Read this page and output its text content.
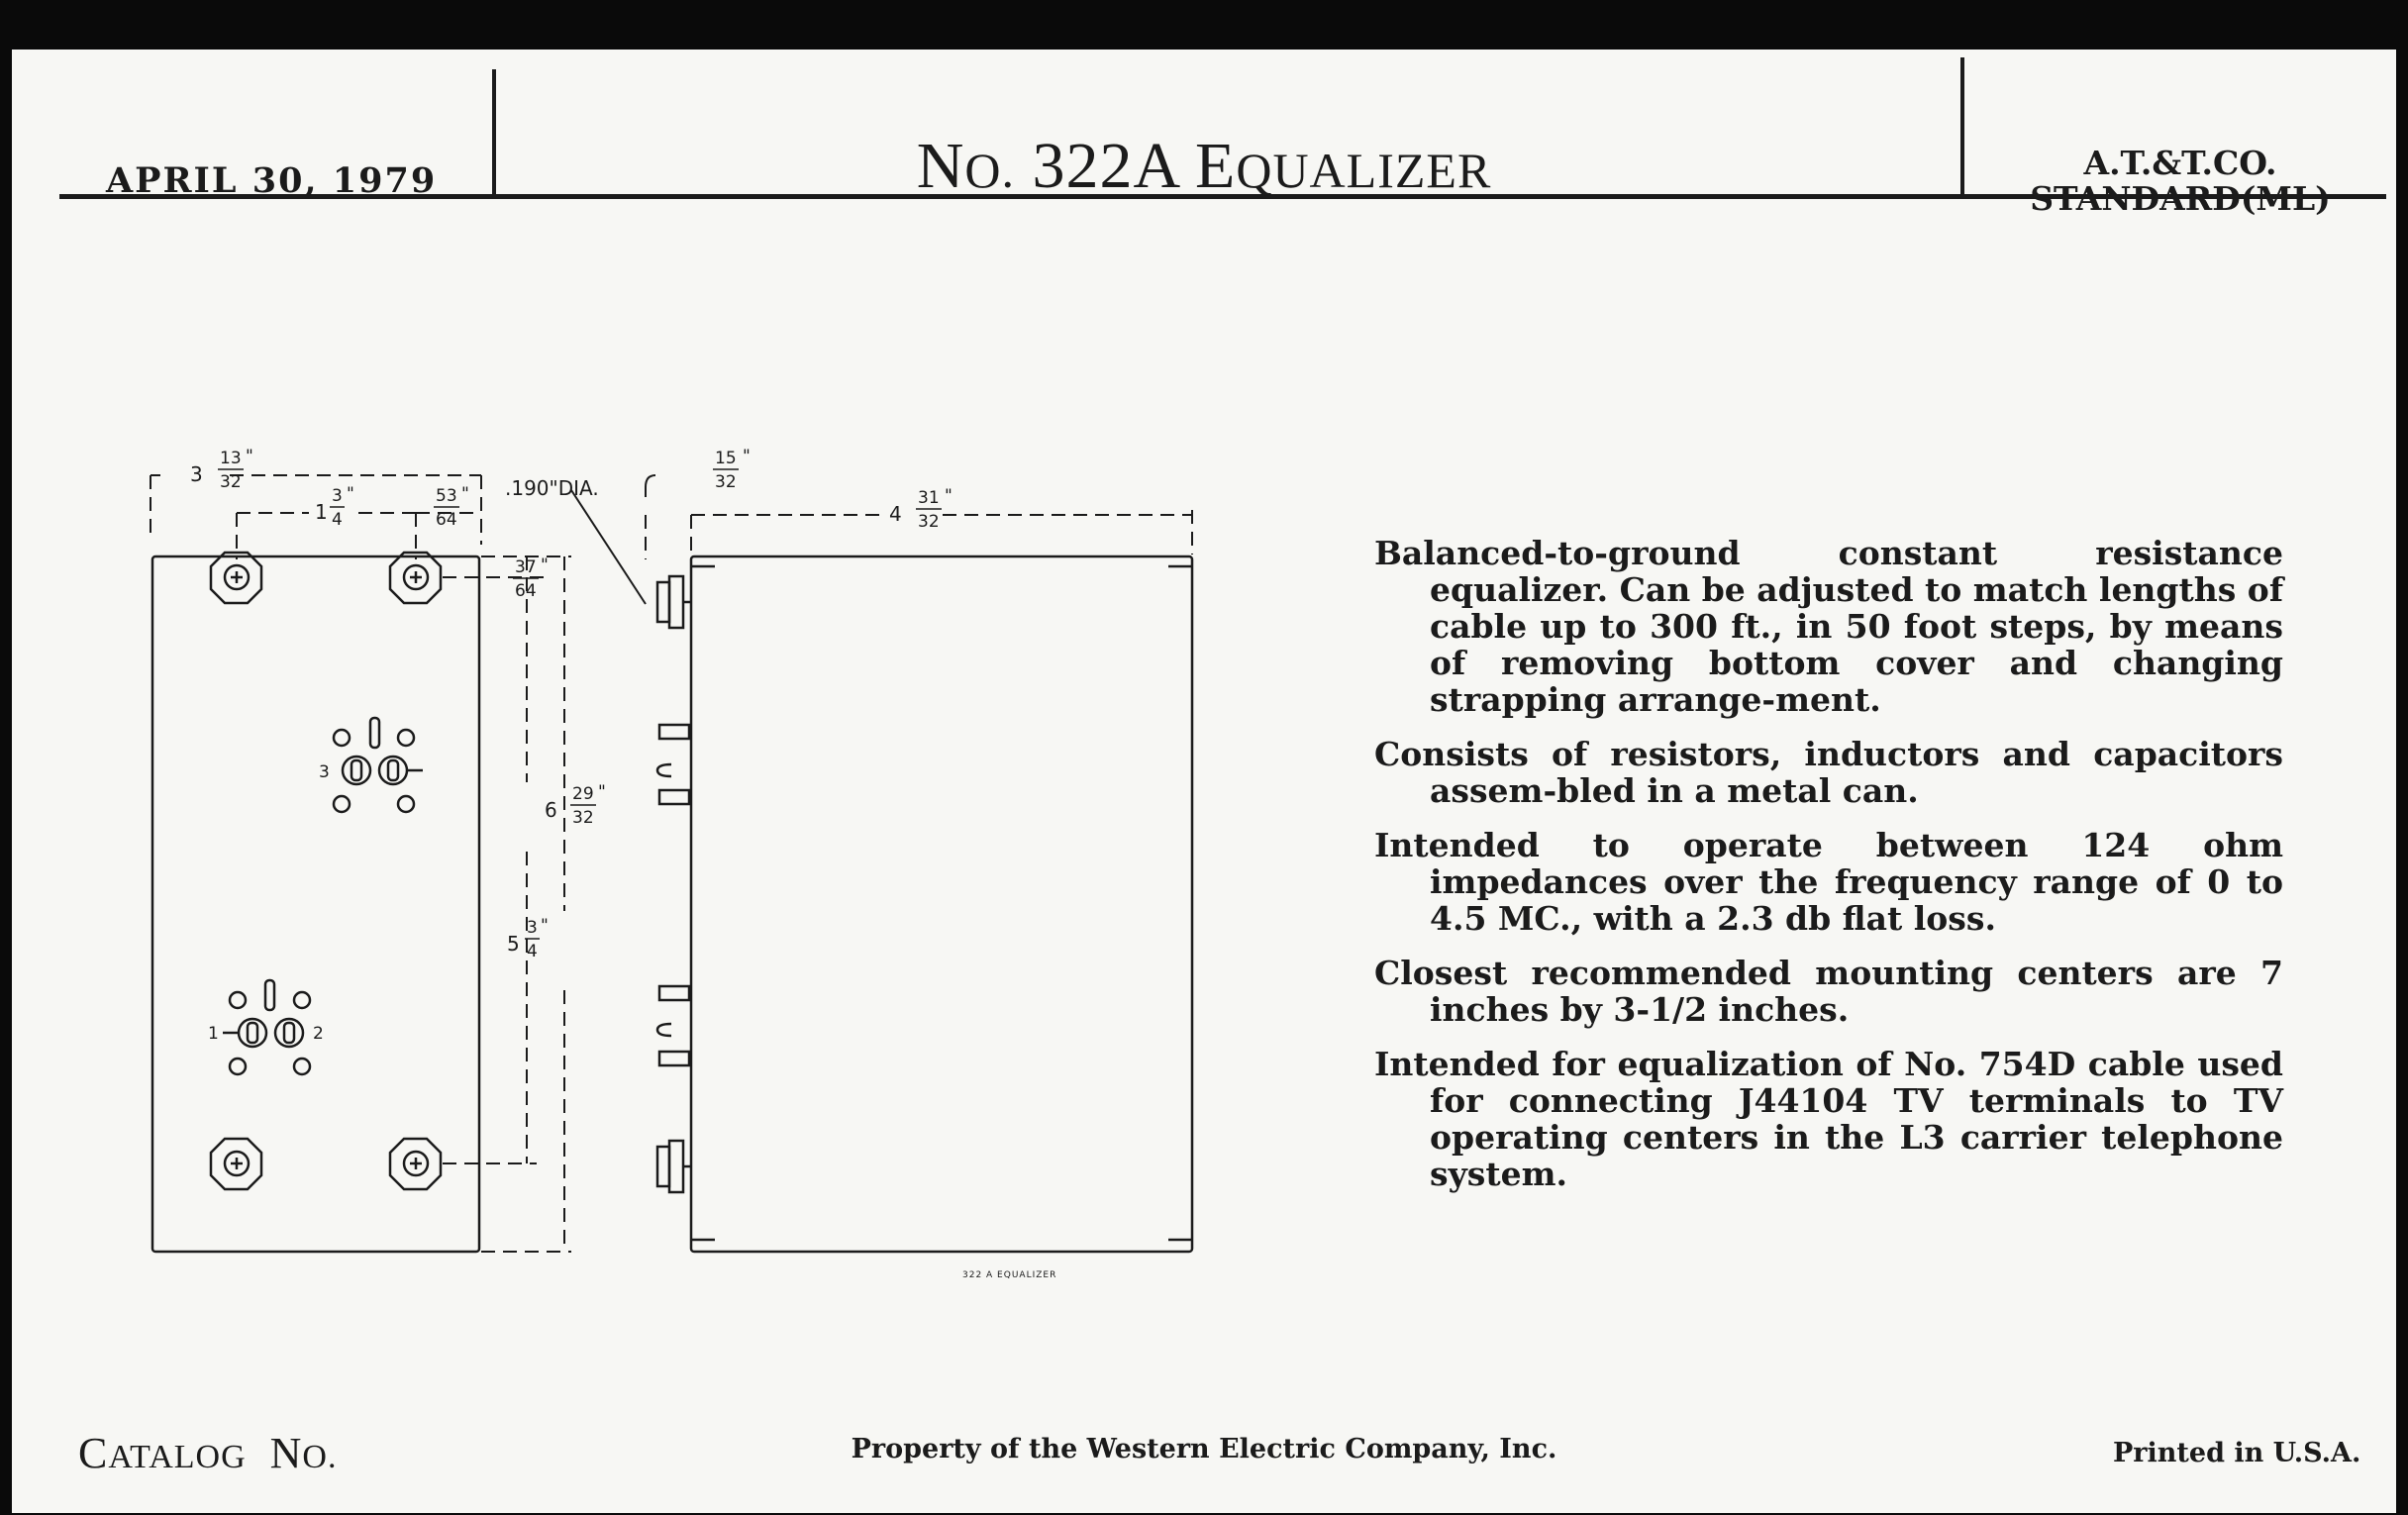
APRIL 30, 1979	NO. 322A EQUALIZER	A.T.&T.CO.
STANDARD(ML)
3
13
32
"
1
3
4
"	53
64
" .190"DIA.
15
32
"
4
31
32
"
37
64
"
6
29
32
"
5
3
4
"
3
1	2
322 A EQUALIZER

Balanced-to-ground constant resistance equalizer. Can be adjusted to match lengths of cable up to 300 ft., in 50 foot steps, by means of removing bottom cover and changing strapping arrange-ment.

Consists of resistors, inductors and capacitors assem-bled in a metal can.

Intended to operate between 124 ohm impedances over the frequency range of 0 to 4.5 MC., with a 2.3 db flat loss.

Closest recommended mounting centers are 7 inches by 3-1/2 inches.

Intended for equalization of No. 754D cable used for connecting J44104 TV terminals to TV operating centers in the L3 carrier telephone system.

CATALOG NO.	Property of the Western Electric Company, Inc.	Printed in U.S.A.
